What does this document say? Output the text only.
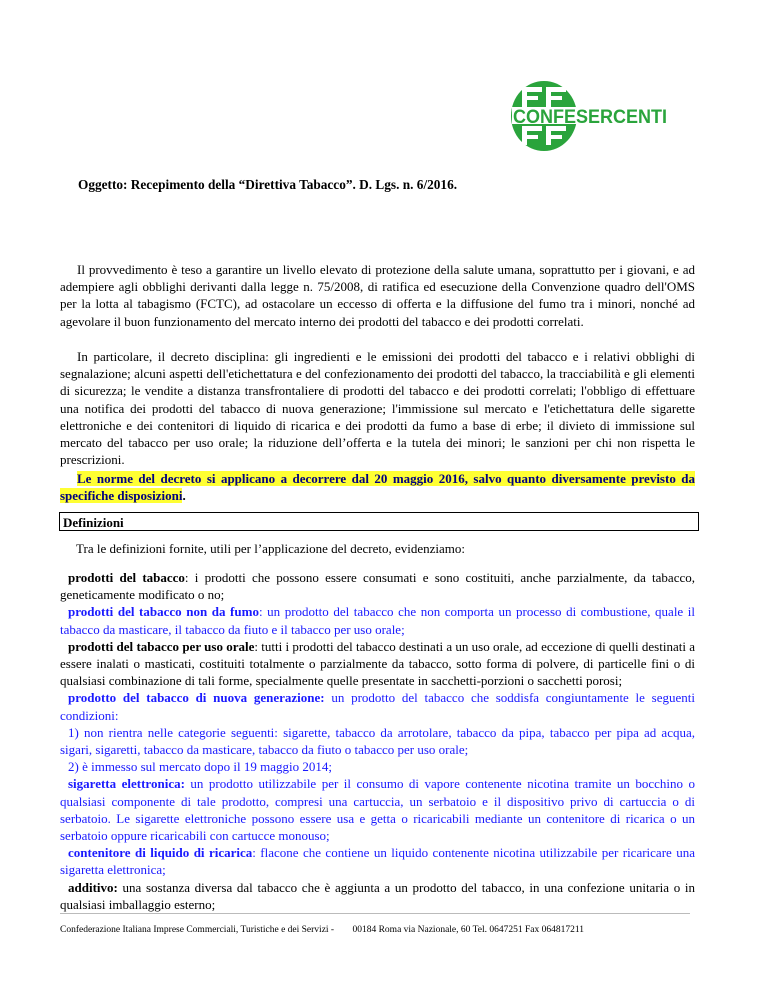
CONFESERCENTI
Oggetto: Recepimento della “Direttiva Tabacco”. D. Lgs. n. 6/2016.
Il provvedimento è teso a garantire un livello elevato di protezione della salute umana, soprattutto per i giovani, e ad adempiere agli obblighi derivanti dalla legge n. 75/2008, di ratifica ed esecuzione della Convenzione quadro dell'OMS per la lotta al tabagismo (FCTC), ad ostacolare un eccesso di offerta e la diffusione del fumo tra i minori, nonché ad agevolare il buon funzionamento del mercato interno dei prodotti del tabacco e dei prodotti correlati.
In particolare, il decreto disciplina: gli ingredienti e le emissioni dei prodotti del tabacco e i relativi obblighi di segnalazione; alcuni aspetti dell'etichettatura e del confezionamento dei prodotti del tabacco, la tracciabilità e gli elementi di sicurezza; le vendite a distanza transfrontaliere di prodotti del tabacco e dei prodotti correlati; l'obbligo di effettuare una notifica dei prodotti del tabacco di nuova generazione; l'immissione sul mercato e l'etichettatura delle sigarette elettroniche e dei contenitori di liquido di ricarica e dei prodotti da fumo a base di erbe; il divieto di immissione sul mercato del tabacco per uso orale; la riduzione dell’offerta e la tutela dei minori; le sanzioni per chi non rispetta le prescrizioni.
Le norme del decreto si applicano a decorrere dal 20 maggio 2016, salvo quanto diversamente previsto da specifiche disposizioni.
Definizioni
Tra le definizioni fornite, utili per l’applicazione del decreto, evidenziamo:

prodotti del tabacco: i prodotti che possono essere consumati e sono costituiti, anche parzialmente, da tabacco, geneticamente modificato o no;

prodotti del tabacco non da fumo: un prodotto del tabacco che non comporta un processo di combustione, quale il tabacco da masticare, il tabacco da fiuto e il tabacco per uso orale;

prodotti del tabacco per uso orale: tutti i prodotti del tabacco destinati a un uso orale, ad eccezione di quelli destinati a essere inalati o masticati, costituiti totalmente o parzialmente da tabacco, sotto forma di polvere, di particelle fini o di qualsiasi combinazione di tali forme, specialmente quelle presentate in sacchetti-porzioni o sacchetti porosi;

prodotto del tabacco di nuova generazione: un prodotto del tabacco che soddisfa congiuntamente le seguenti condizioni:

1) non rientra nelle categorie seguenti: sigarette, tabacco da arrotolare, tabacco da pipa, tabacco per pipa ad acqua, sigari, sigaretti, tabacco da masticare, tabacco da fiuto o tabacco per uso orale;

2) è immesso sul mercato dopo il 19 maggio 2014;

sigaretta elettronica: un prodotto utilizzabile per il consumo di vapore contenente nicotina tramite un bocchino o qualsiasi componente di tale prodotto, compresi una cartuccia, un serbatoio e il dispositivo privo di cartuccia o di serbatoio. Le sigarette elettroniche possono essere usa e getta o ricaricabili mediante un contenitore di ricarica o un serbatoio oppure ricaricabili con cartucce monouso;

contenitore di liquido di ricarica: flacone che contiene un liquido contenente nicotina utilizzabile per ricaricare una sigaretta elettronica;

additivo: una sostanza diversa dal tabacco che è aggiunta a un prodotto del tabacco, in una confezione unitaria o in qualsiasi imballaggio esterno;

Confederazione Italiana Imprese Commerciali, Turistiche e dei Servizi - 00184 Roma via Nazionale, 60 Tel. 0647251 Fax 064817211
